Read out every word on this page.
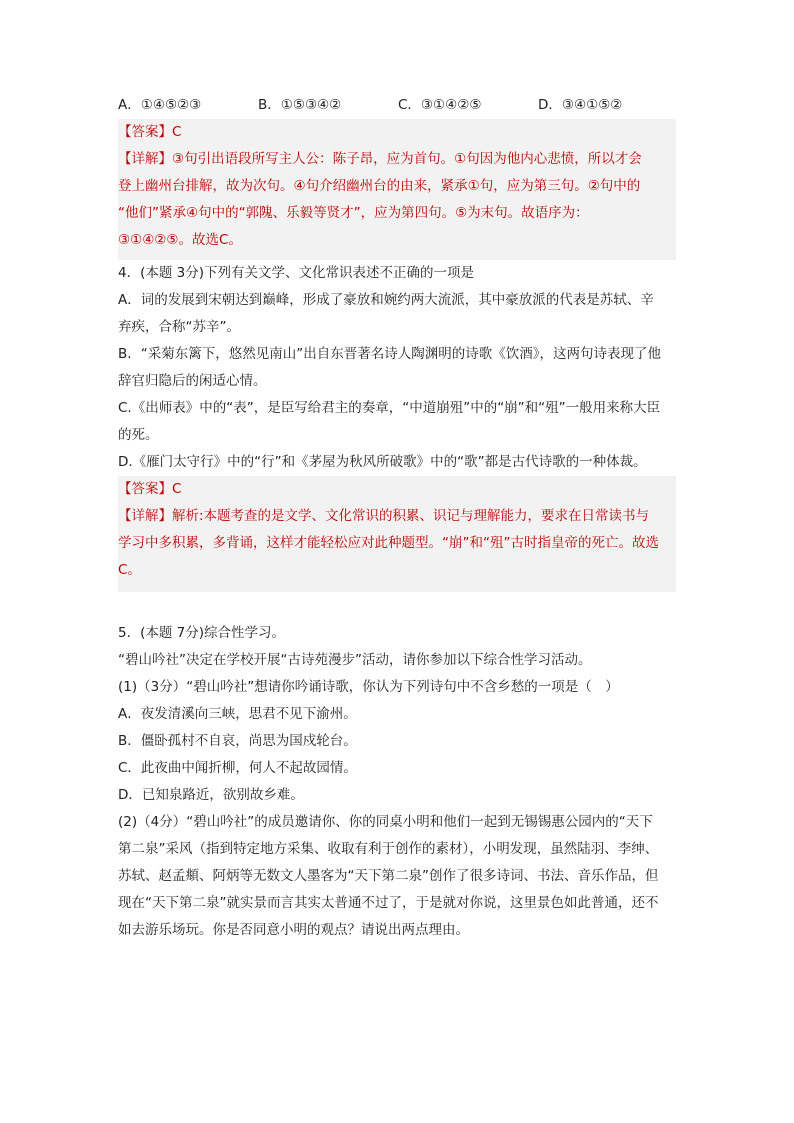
A．①④⑤②③	B．①⑤③④②	C．③①④②⑤	D．③④①⑤②

【答案】C

【详解】③句引出语段所写主人公：陈子昂，应为首句。①句因为他内心悲愤，所以才会

登上幽州台排解，故为次句。④句介绍幽州台的由来，紧承①句，应为第三句。②句中的

“他们”紧承④句中的“郭隗、乐毅等贤才”，应为第四句。⑤为末句。故语序为：

③①④②⑤。故选C。

4．(本题 3分)下列有关文学、文化常识表述不正确的一项是

A．词的发展到宋朝达到巅峰，形成了豪放和婉约两大流派，其中豪放派的代表是苏轼、辛

弃疾，合称“苏辛”。

B．“采菊东篱下，悠然见南山”出自东晋著名诗人陶渊明的诗歌《饮酒》，这两句诗表现了他

辞官归隐后的闲适心情。

C.《出师表》中的“表”，是臣写给君主的奏章，“中道崩殂”中的“崩”和“殂”一般用来称大臣

的死。

D.《雁门太守行》中的“行”和《茅屋为秋风所破歌》中的“歌”都是古代诗歌的一种体裁。

【答案】C

【详解】解析:本题考查的是文学、文化常识的积累、识记与理解能力，要求在日常读书与

学习中多积累，多背诵，这样才能轻松应对此种题型。“崩”和“殂”古时指皇帝的死亡。故选

C。

5．(本题 7分)综合性学习。

“碧山吟社”决定在学校开展“古诗苑漫步”活动，请你参加以下综合性学习活动。

(1)（3分）“碧山吟社”想请你吟诵诗歌，你认为下列诗句中不含乡愁的一项是（　）

A．夜发清溪向三峡，思君不见下渝州。

B．僵卧孤村不自哀，尚思为国戍轮台。

C．此夜曲中闻折柳，何人不起故园情。

D．已知泉路近，欲别故乡难。

(2)（4分）“碧山吟社”的成员邀请你、你的同桌小明和他们一起到无锡锡惠公园内的“天下

第二泉”采风（指到特定地方采集、收取有利于创作的素材），小明发现，虽然陆羽、李绅、

苏轼、赵孟頫、阿炳等无数文人墨客为“天下第二泉”创作了很多诗词、书法、音乐作品，但

现在“天下第二泉”就实景而言其实太普通不过了，于是就对你说，这里景色如此普通，还不

如去游乐场玩。你是否同意小明的观点？请说出两点理由。
